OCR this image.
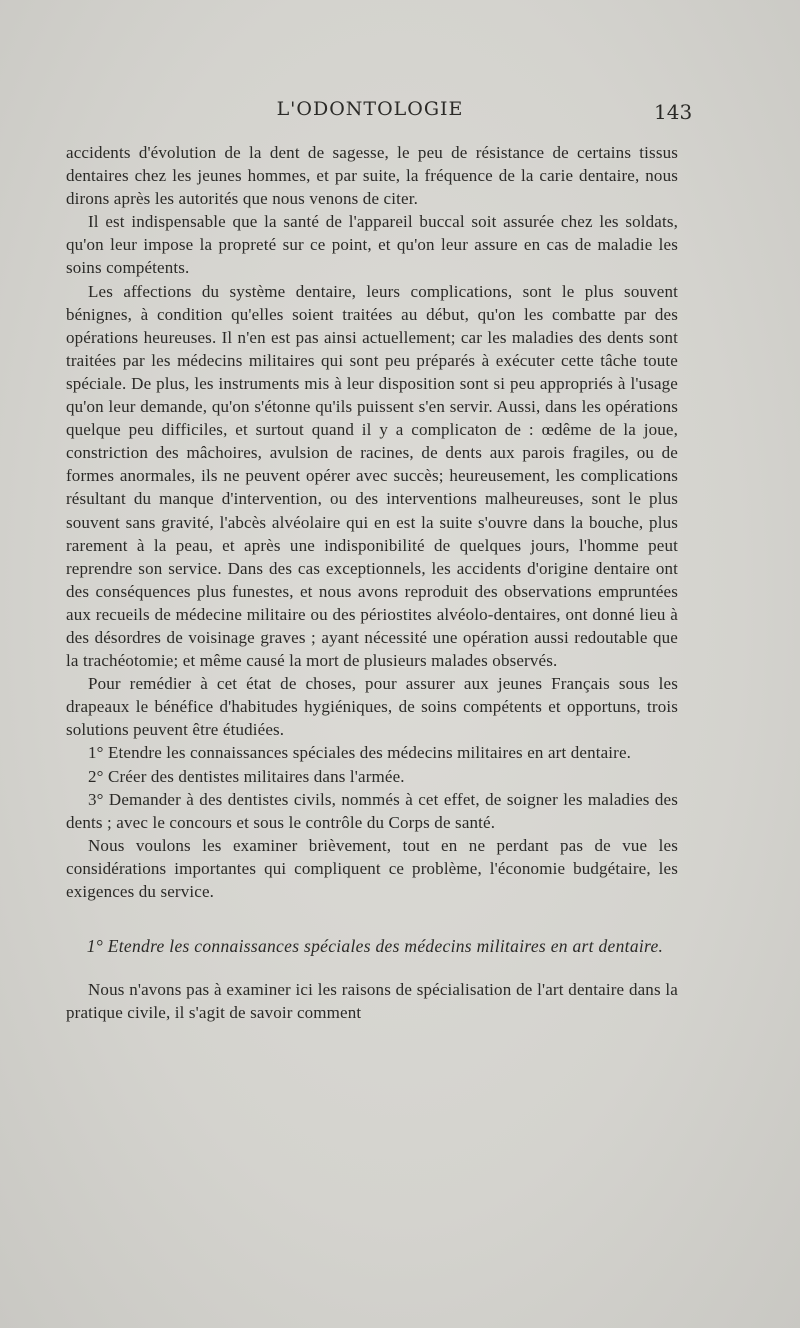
L'ODONTOLOGIE	143

accidents d'évolution de la dent de sagesse, le peu de résistance de certains tissus dentaires chez les jeunes hommes, et par suite, la fréquence de la carie dentaire, nous dirons après les autorités que nous venons de citer.

Il est indispensable que la santé de l'appareil buccal soit assurée chez les soldats, qu'on leur impose la propreté sur ce point, et qu'on leur assure en cas de maladie les soins compétents.

Les affections du système dentaire, leurs complications, sont le plus souvent bénignes, à condition qu'elles soient traitées au début, qu'on les combatte par des opérations heureuses. Il n'en est pas ainsi actuellement; car les maladies des dents sont traitées par les médecins militaires qui sont peu préparés à exécuter cette tâche toute spéciale. De plus, les instruments mis à leur disposition sont si peu appropriés à l'usage qu'on leur demande, qu'on s'étonne qu'ils puissent s'en servir. Aussi, dans les opérations quelque peu difficiles, et surtout quand il y a complicaton de : œdême de la joue, constriction des mâchoires, avulsion de racines, de dents aux parois fragiles, ou de formes anormales, ils ne peuvent opérer avec succès; heureusement, les complications résultant du manque d'intervention, ou des interventions malheureuses, sont le plus souvent sans gravité, l'abcès alvéolaire qui en est la suite s'ouvre dans la bouche, plus rarement à la peau, et après une indisponibilité de quelques jours, l'homme peut reprendre son service. Dans des cas exceptionnels, les accidents d'origine dentaire ont des conséquences plus funestes, et nous avons reproduit des observations empruntées aux recueils de médecine militaire ou des périostites alvéolo-dentaires, ont donné lieu à des désordres de voisinage graves ; ayant nécessité une opération aussi redoutable que la trachéotomie; et même causé la mort de plusieurs malades observés.

Pour remédier à cet état de choses, pour assurer aux jeunes Français sous les drapeaux le bénéfice d'habitudes hygiéniques, de soins compétents et opportuns, trois solutions peuvent être étudiées.

1° Etendre les connaissances spéciales des médecins militaires en art dentaire.

2° Créer des dentistes militaires dans l'armée.

3° Demander à des dentistes civils, nommés à cet effet, de soigner les maladies des dents ; avec le concours et sous le contrôle du Corps de santé.

Nous voulons les examiner brièvement, tout en ne perdant pas de vue les considérations importantes qui compliquent ce problème, l'économie budgétaire, les exigences du service.

1° Etendre les connaissances spéciales des médecins militaires en art dentaire.

Nous n'avons pas à examiner ici les raisons de spécialisation de l'art dentaire dans la pratique civile, il s'agit de savoir comment
